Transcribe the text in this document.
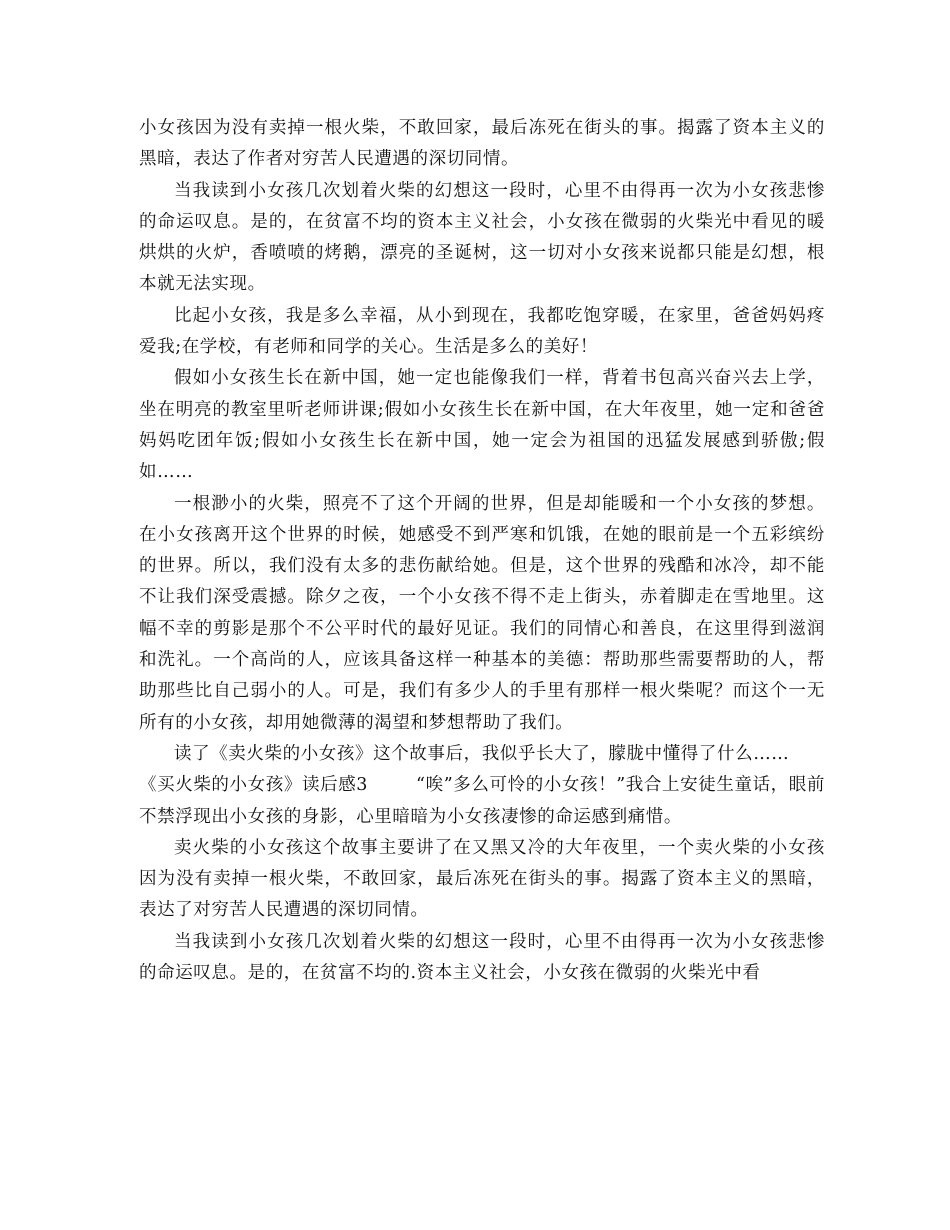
小女孩因为没有卖掉一根火柴，不敢回家，最后冻死在街头的事。揭露了资本主义的黑暗，表达了作者对穷苦人民遭遇的深切同情。

当我读到小女孩几次划着火柴的幻想这一段时，心里不由得再一次为小女孩悲惨的命运叹息。是的，在贫富不均的资本主义社会，小女孩在微弱的火柴光中看见的暖烘烘的火炉，香喷喷的烤鹅，漂亮的圣诞树，这一切对小女孩来说都只能是幻想，根本就无法实现。

比起小女孩，我是多么幸福，从小到现在，我都吃饱穿暖，在家里，爸爸妈妈疼爱我;在学校，有老师和同学的关心。生活是多么的美好！

假如小女孩生长在新中国，她一定也能像我们一样，背着书包高兴奋兴去上学，坐在明亮的教室里听老师讲课;假如小女孩生长在新中国，在大年夜里，她一定和爸爸妈妈吃团年饭;假如小女孩生长在新中国，她一定会为祖国的迅猛发展感到骄傲;假如……

一根渺小的火柴，照亮不了这个开阔的世界，但是却能暖和一个小女孩的梦想。在小女孩离开这个世界的时候，她感受不到严寒和饥饿，在她的眼前是一个五彩缤纷的世界。所以，我们没有太多的悲伤献给她。但是，这个世界的残酷和冰冷，却不能不让我们深受震撼。除夕之夜，一个小女孩不得不走上街头，赤着脚走在雪地里。这幅不幸的剪影是那个不公平时代的最好见证。我们的同情心和善良，在这里得到滋润和洗礼。一个高尚的人，应该具备这样一种基本的美德：帮助那些需要帮助的人，帮助那些比自己弱小的人。可是，我们有多少人的手里有那样一根火柴呢？而这个一无所有的小女孩，却用她微薄的渴望和梦想帮助了我们。

读了《卖火柴的小女孩》这个故事后，我似乎长大了，朦胧中懂得了什么……

《买火柴的小女孩》读后感3	“唉”多么可怜的小女孩！”我合上安徒生童话，眼前不禁浮现出小女孩的身影，心里暗暗为小女孩凄惨的命运感到痛惜。

卖火柴的小女孩这个故事主要讲了在又黑又冷的大年夜里，一个卖火柴的小女孩因为没有卖掉一根火柴，不敢回家，最后冻死在街头的事。揭露了资本主义的黑暗，表达了对穷苦人民遭遇的深切同情。

当我读到小女孩几次划着火柴的幻想这一段时，心里不由得再一次为小女孩悲惨的命运叹息。是的，在贫富不均的.资本主义社会，小女孩在微弱的火柴光中看
